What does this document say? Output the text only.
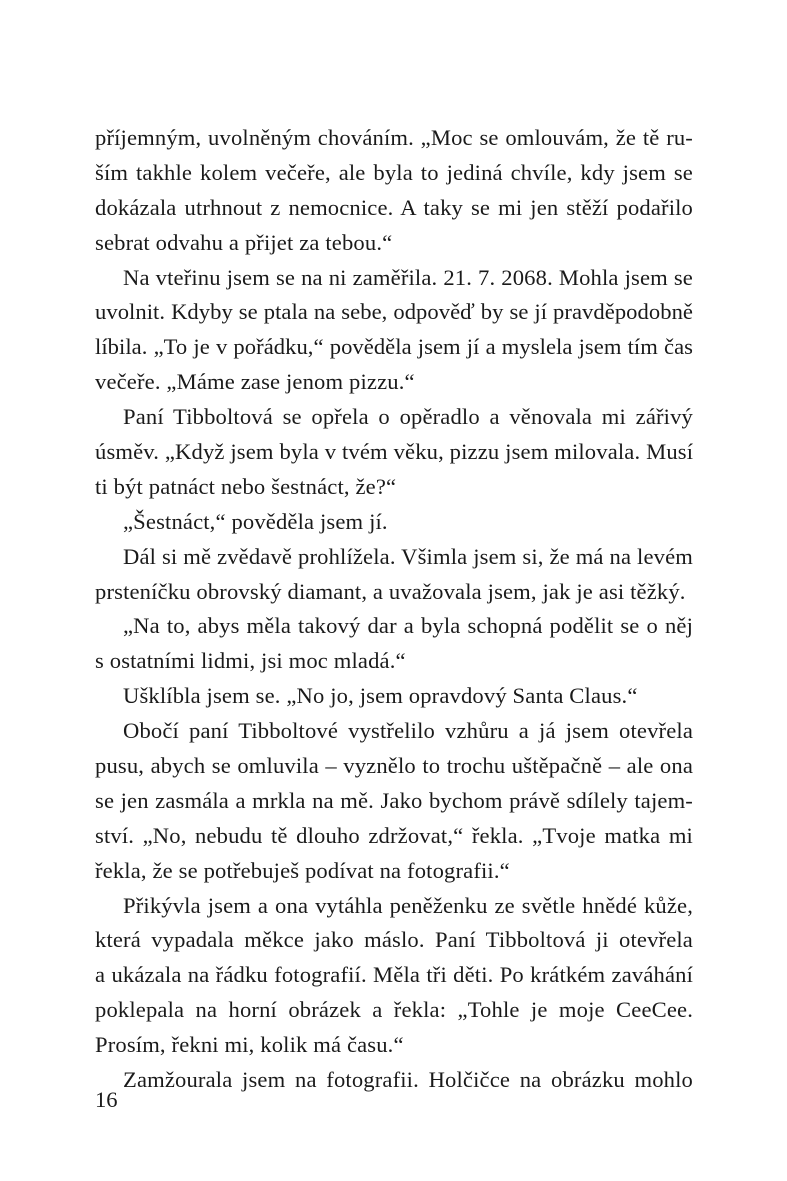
příjemným, uvolněným chováním. „Moc se omlouvám, že tě ru-
ším takhle kolem večeře, ale byla to jediná chvíle, kdy jsem se
dokázala utrhnout z nemocnice. A taky se mi jen stěží podařilo
sebrat odvahu a přijet za tebou.“
Na vteřinu jsem se na ni zaměřila. 21. 7. 2068. Mohla jsem se
uvolnit. Kdyby se ptala na sebe, odpověď by se jí pravděpodobně
líbila. „To je v pořádku,“ pověděla jsem jí a myslela jsem tím čas
večeře. „Máme zase jenom pizzu.“
Paní Tibboltová se opřela o opěradlo a věnovala mi zářivý
úsměv. „Když jsem byla v tvém věku, pizzu jsem milovala. Musí
ti být patnáct nebo šestnáct, že?“
„Šestnáct,“ pověděla jsem jí.
Dál si mě zvědavě prohlížela. Všimla jsem si, že má na levém
prsteníčku obrovský diamant, a uvažovala jsem, jak je asi těžký.
„Na to, abys měla takový dar a byla schopná podělit se o něj
s ostatními lidmi, jsi moc mladá.“
Ušklíbla jsem se. „No jo, jsem opravdový Santa Claus.“
Obočí paní Tibboltové vystřelilo vzhůru a já jsem otevřela
pusu, abych se omluvila – vyznělo to trochu uštěpačně – ale ona
se jen zasmála a mrkla na mě. Jako bychom právě sdílely tajem-
ství. „No, nebudu tě dlouho zdržovat,“ řekla. „Tvoje matka mi
řekla, že se potřebuješ podívat na fotografii.“
Přikývla jsem a ona vytáhla peněženku ze světle hnědé kůže,
která vypadala měkce jako máslo. Paní Tibboltová ji otevřela
a ukázala na řádku fotografií. Měla tři děti. Po krátkém zaváhání
poklepala na horní obrázek a řekla: „Tohle je moje CeeCee.
Prosím, řekni mi, kolik má času.“
Zamžourala jsem na fotografii. Holčičce na obrázku mohlo
16
